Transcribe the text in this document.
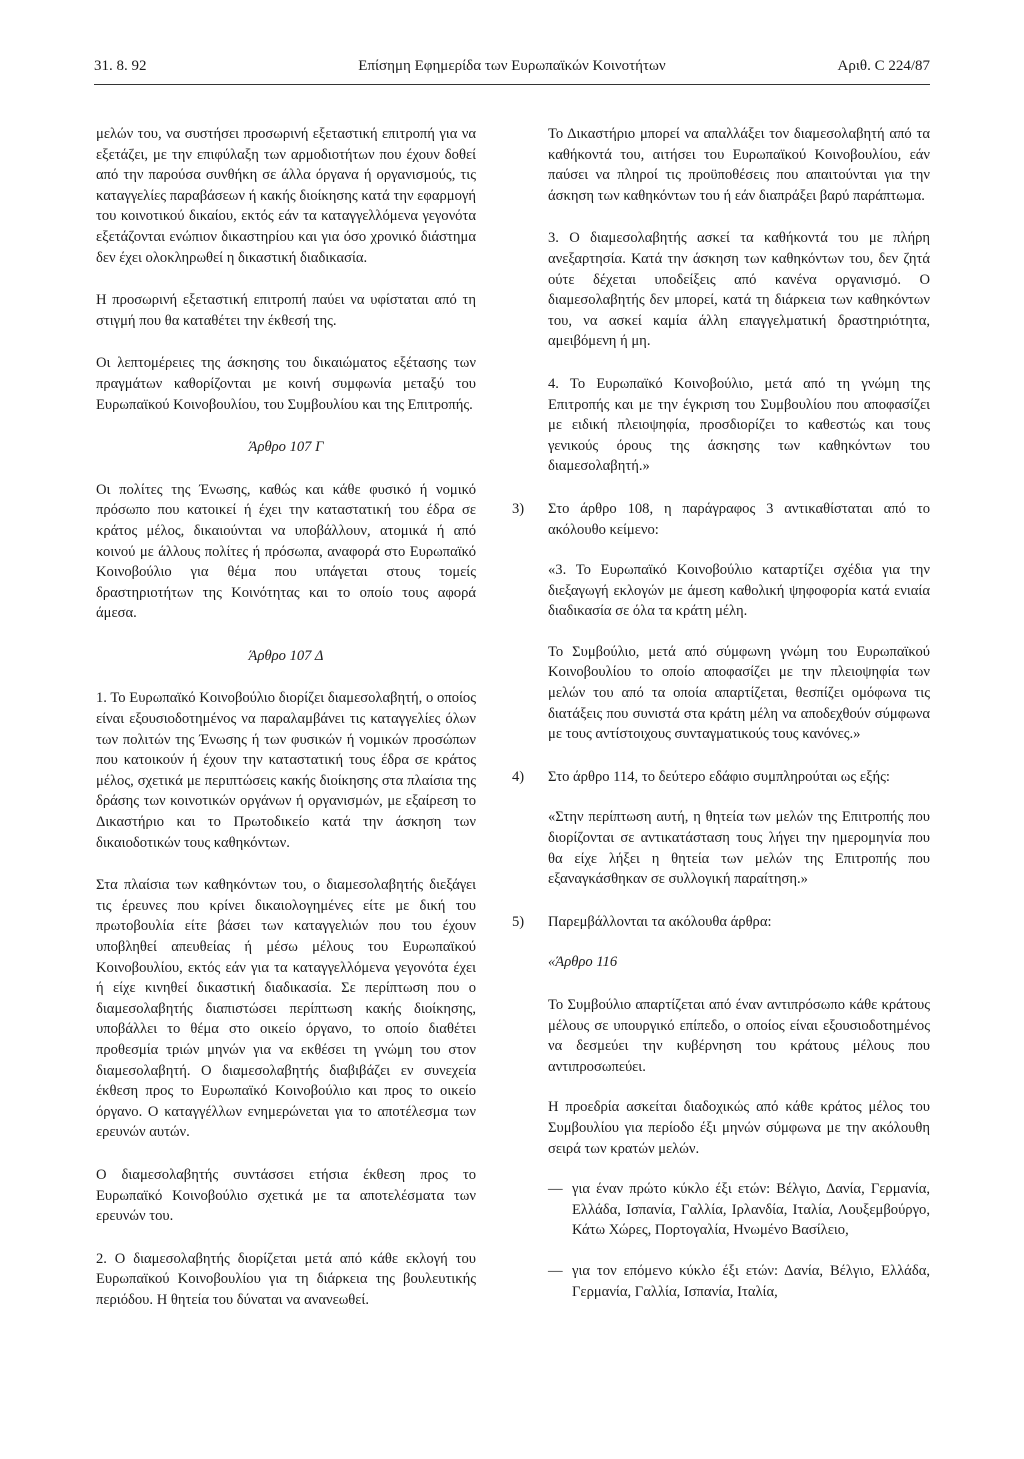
31. 8. 92	Επίσημη Εφημερίδα των Ευρωπαϊκών Κοινοτήτων	Αριθ. C 224/87

μελών του, να συστήσει προσωρινή εξεταστική επιτροπή για να εξετάζει, με την επιφύλαξη των αρμοδιοτήτων που έχουν δοθεί από την παρούσα συνθήκη σε άλλα όργανα ή οργανισμούς, τις καταγγελίες παραβάσεων ή κακής διοίκησης κατά την εφαρμογή του κοινοτικού δικαίου, εκτός εάν τα καταγγελλόμενα γεγονότα εξετάζονται ενώπιον δικαστηρίου και για όσο χρονικό διάστημα δεν έχει ολοκληρωθεί η δικαστική διαδικασία.

Η προσωρινή εξεταστική επιτροπή παύει να υφίσταται από τη στιγμή που θα καταθέτει την έκθεσή της.

Οι λεπτομέρειες της άσκησης του δικαιώματος εξέτασης των πραγμάτων καθορίζονται με κοινή συμφωνία μεταξύ του Ευρωπαϊκού Κοινοβουλίου, του Συμβουλίου και της Επιτροπής.

Άρθρο 107 Γ

Οι πολίτες της Ένωσης, καθώς και κάθε φυσικό ή νομικό πρόσωπο που κατοικεί ή έχει την καταστατική του έδρα σε κράτος μέλος, δικαιούνται να υποβάλλουν, ατομικά ή από κοινού με άλλους πολίτες ή πρόσωπα, αναφορά στο Ευρωπαϊκό Κοινοβούλιο για θέμα που υπάγεται στους τομείς δραστηριοτήτων της Κοινότητας και το οποίο τους αφορά άμεσα.

Άρθρο 107 Δ

1. Το Ευρωπαϊκό Κοινοβούλιο διορίζει διαμεσολαβητή, ο οποίος είναι εξουσιοδοτημένος να παραλαμβάνει τις καταγγελίες όλων των πολιτών της Ένωσης ή των φυσικών ή νομικών προσώπων που κατοικούν ή έχουν την καταστατική τους έδρα σε κράτος μέλος, σχετικά με περιπτώσεις κακής διοίκησης στα πλαίσια της δράσης των κοινοτικών οργάνων ή οργανισμών, με εξαίρεση το Δικαστήριο και το Πρωτοδικείο κατά την άσκηση των δικαιοδοτικών τους καθηκόντων.

Στα πλαίσια των καθηκόντων του, ο διαμεσολαβητής διεξάγει τις έρευνες που κρίνει δικαιολογημένες είτε με δική του πρωτοβουλία είτε βάσει των καταγγελιών που του έχουν υποβληθεί απευθείας ή μέσω μέλους του Ευρωπαϊκού Κοινοβουλίου, εκτός εάν για τα καταγγελλόμενα γεγονότα έχει ή είχε κινηθεί δικαστική διαδικασία. Σε περίπτωση που ο διαμεσολαβητής διαπιστώσει περίπτωση κακής διοίκησης, υποβάλλει το θέμα στο οικείο όργανο, το οποίο διαθέτει προθεσμία τριών μηνών για να εκθέσει τη γνώμη του στον διαμεσολαβητή. Ο διαμεσολαβητής διαβιβάζει εν συνεχεία έκθεση προς το Ευρωπαϊκό Κοινοβούλιο και προς το οικείο όργανο. Ο καταγγέλλων ενημερώνεται για το αποτέλεσμα των ερευνών αυτών.

Ο διαμεσολαβητής συντάσσει ετήσια έκθεση προς το Ευρωπαϊκό Κοινοβούλιο σχετικά με τα αποτελέσματα των ερευνών του.

2. Ο διαμεσολαβητής διορίζεται μετά από κάθε εκλογή του Ευρωπαϊκού Κοινοβουλίου για τη διάρκεια της βουλευτικής περιόδου. Η θητεία του δύναται να ανανεωθεί.

Το Δικαστήριο μπορεί να απαλλάξει τον διαμεσολαβητή από τα καθήκοντά του, αιτήσει του Ευρωπαϊκού Κοινοβουλίου, εάν παύσει να πληροί τις προϋποθέσεις που απαιτούνται για την άσκηση των καθηκόντων του ή εάν διαπράξει βαρύ παράπτωμα.

3. Ο διαμεσολαβητής ασκεί τα καθήκοντά του με πλήρη ανεξαρτησία. Κατά την άσκηση των καθηκόντων του, δεν ζητά ούτε δέχεται υποδείξεις από κανένα οργανισμό. Ο διαμεσολαβητής δεν μπορεί, κατά τη διάρκεια των καθηκόντων του, να ασκεί καμία άλλη επαγγελματική δραστηριότητα, αμειβόμενη ή μη.

4. Το Ευρωπαϊκό Κοινοβούλιο, μετά από τη γνώμη της Επιτροπής και με την έγκριση του Συμβουλίου που αποφασίζει με ειδική πλειοψηφία, προσδιορίζει το καθεστώς και τους γενικούς όρους της άσκησης των καθηκόντων του διαμεσολαβητή.»

3) Στο άρθρο 108, η παράγραφος 3 αντικαθίσταται από το ακόλουθο κείμενο:

«3. Το Ευρωπαϊκό Κοινοβούλιο καταρτίζει σχέδια για την διεξαγωγή εκλογών με άμεση καθολική ψηφοφορία κατά ενιαία διαδικασία σε όλα τα κράτη μέλη.

Το Συμβούλιο, μετά από σύμφωνη γνώμη του Ευρωπαϊκού Κοινοβουλίου το οποίο αποφασίζει με την πλειοψηφία των μελών του από τα οποία απαρτίζεται, θεσπίζει ομόφωνα τις διατάξεις που συνιστά στα κράτη μέλη να αποδεχθούν σύμφωνα με τους αντίστοιχους συνταγματικούς τους κανόνες.»

4) Στο άρθρο 114, το δεύτερο εδάφιο συμπληρούται ως εξής:

«Στην περίπτωση αυτή, η θητεία των μελών της Επιτροπής που διορίζονται σε αντικατάσταση τους λήγει την ημερομηνία που θα είχε λήξει η θητεία των μελών της Επιτροπής που εξαναγκάσθηκαν σε συλλογική παραίτηση.»

5) Παρεμβάλλονται τα ακόλουθα άρθρα:

«Άρθρο 116

Το Συμβούλιο απαρτίζεται από έναν αντιπρόσωπο κάθε κράτους μέλους σε υπουργικό επίπεδο, ο οποίος είναι εξουσιοδοτημένος να δεσμεύει την κυβέρνηση του κράτους μέλους που αντιπροσωπεύει.

Η προεδρία ασκείται διαδοχικώς από κάθε κράτος μέλος του Συμβουλίου για περίοδο έξι μηνών σύμφωνα με την ακόλουθη σειρά των κρατών μελών.

— για έναν πρώτο κύκλο έξι ετών: Βέλγιο, Δανία, Γερμανία, Ελλάδα, Ισπανία, Γαλλία, Ιρλανδία, Ιταλία, Λουξεμβούργο, Κάτω Χώρες, Πορτογαλία, Ηνωμένο Βασίλειο,
— για τον επόμενο κύκλο έξι ετών: Δανία, Βέλγιο, Ελλάδα, Γερμανία, Γαλλία, Ισπανία, Ιταλία,
